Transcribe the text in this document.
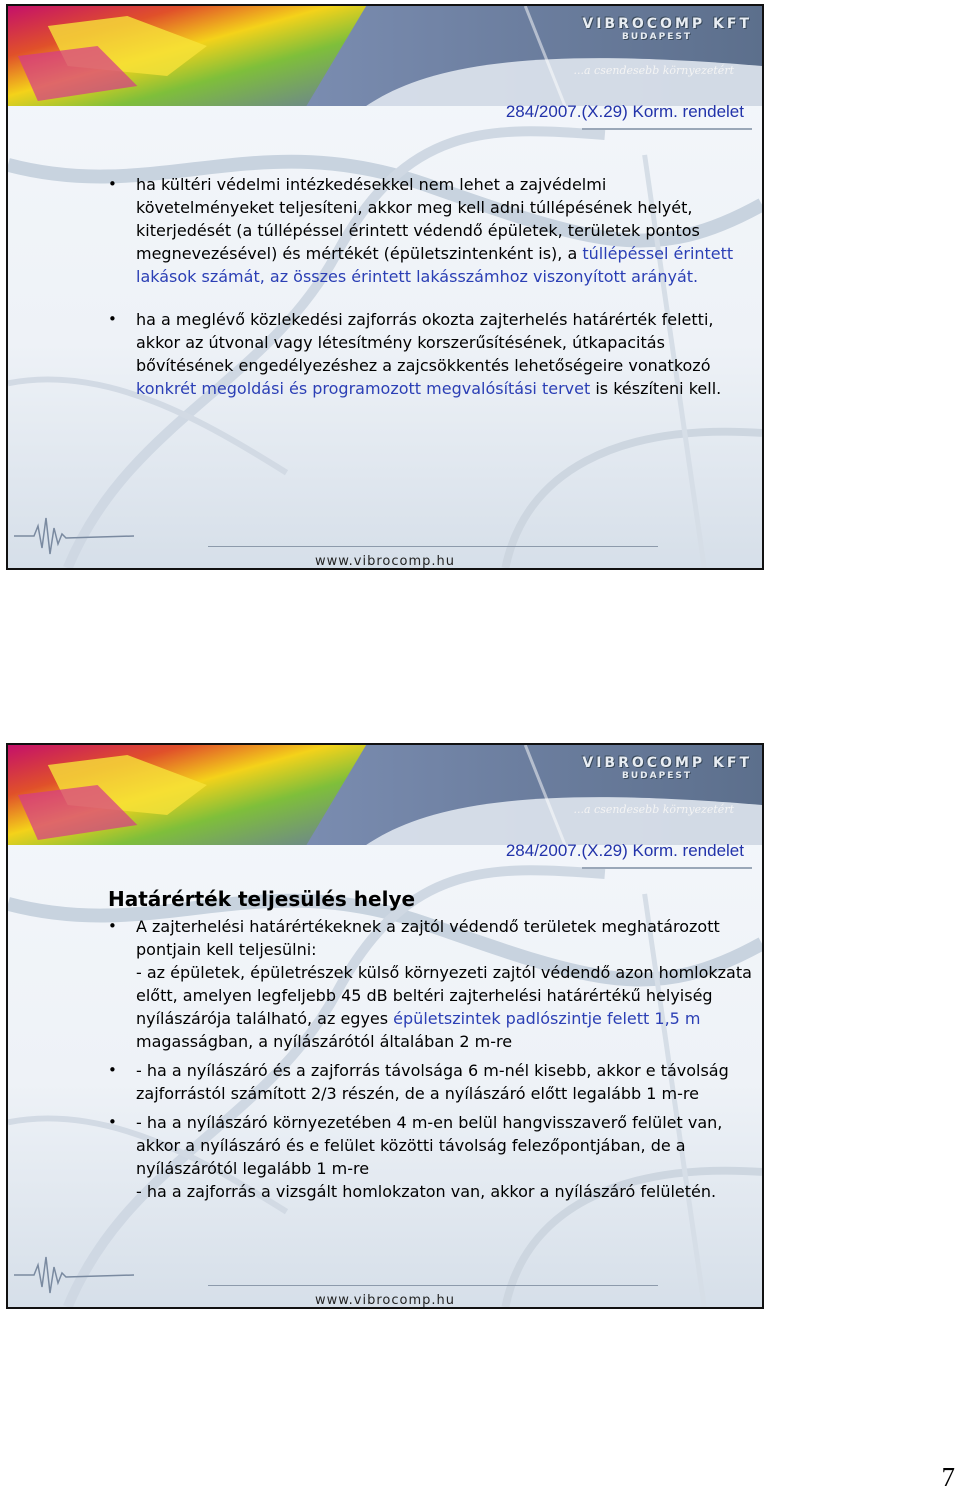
VIBROCOMP KFT
BUDAPEST
...a csendesebb környezetért
284/2007.(X.29) Korm. rendelet
• ha kültéri védelmi intézkedésekkel nem lehet a zajvédelmi követelményeket teljesíteni, akkor meg kell adni túllépésének helyét, kiterjedését (a túllépéssel érintett védendő épületek, területek pontos megnevezésével) és mértékét (épületszintenként is), a túllépéssel érintett lakások számát, az összes érintett lakásszámhoz viszonyított arányát.
• ha a meglévő közlekedési zajforrás okozta zajterhelés határérték feletti, akkor az útvonal vagy létesítmény korszerűsítésének, útkapacitás bővítésének engedélyezéshez a zajcsökkentés lehetőségeire vonatkozó konkrét megoldási és programozott megvalósítási tervet is készíteni kell.
www.vibrocomp.hu
VIBROCOMP KFT
BUDAPEST
...a csendesebb környezetért
284/2007.(X.29) Korm. rendelet
Határérték teljesülés helye
• A zajterhelési határértékeknek a zajtól védendő területek meghatározott pontjain kell teljesülni:
- az épületek, épületrészek külső környezeti zajtól védendő azon homlokzata előtt, amelyen legfeljebb 45 dB beltéri zajterhelési határértékű helyiség nyílászárója található, az egyes épületszintek padlószintje felett 1,5 m magasságban, a nyílászárótól általában 2 m-re
• - ha a nyílászáró és a zajforrás távolsága 6 m-nél kisebb, akkor e távolság zajforrástól számított 2/3 részén, de a nyílászáró előtt legalább 1 m-re
• - ha a nyílászáró környezetében 4 m-en belül hangvisszaverő felület van, akkor a nyílászáró és e felület közötti távolság felezőpontjában, de a nyílászárótól legalább 1 m-re
- ha a zajforrás a vizsgált homlokzaton van, akkor a nyílászáró felületén.
www.vibrocomp.hu
7
